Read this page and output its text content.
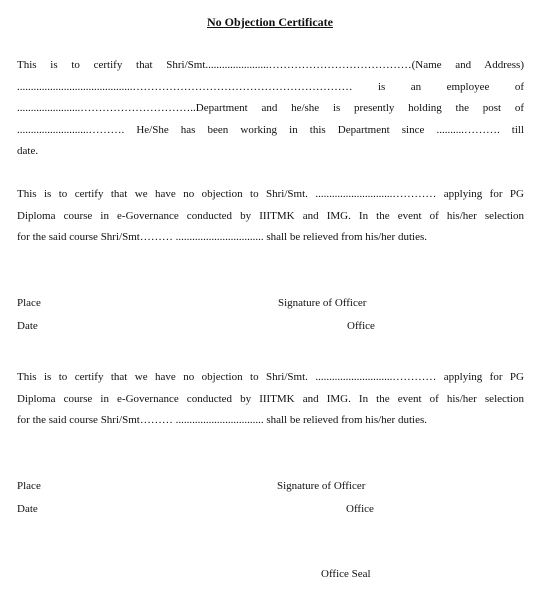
No Objection Certificate
This is to certify that Shri/Smt.......................…………………………………(Name and Address)
..........................................…………………………………………………… is an employee of
.......................…………………………..Department and he/she is presently holding the post of
..........................………. He/She has been working in this Department since ..........………. till
date.
This is to certify that we have no objection to Shri/Smt. ............................………… applying for PG
Diploma course in e-Governance conducted by IIITMK and IMG. In the event of his/her selection
for the said course Shri/Smt……… ................................ shall be relieved from his/her duties.

Place	Signature of Officer

Date	Office

This is to certify that we have no objection to Shri/Smt. ............................………… applying for PG
Diploma course in e-Governance conducted by IIITMK and IMG. In the event of his/her selection
for the said course Shri/Smt……… ................................ shall be relieved from his/her duties.

Place	Signature of Officer

Date	Office

Office Seal
